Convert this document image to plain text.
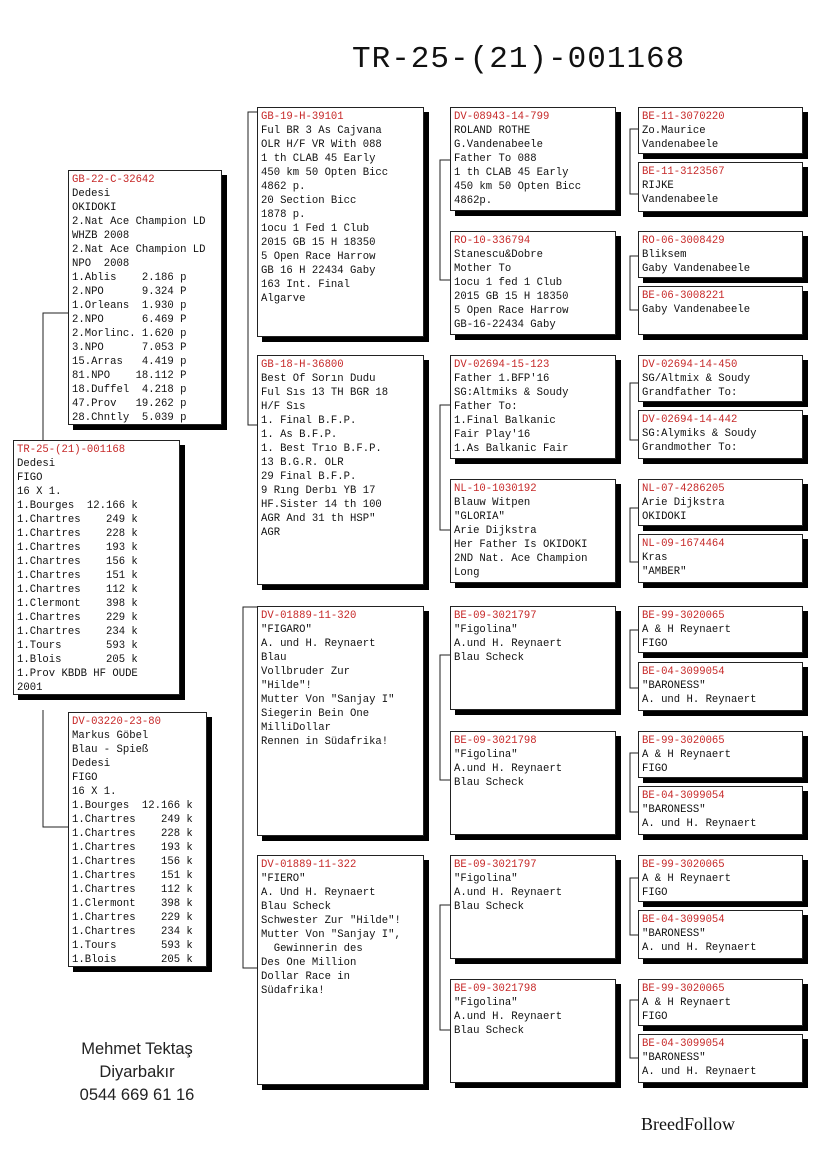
TR-25-(21)-001168
TR-25-(21)-001168
Dedesi
FIGO
16 X 1.
1.Bourges  12.166 k
1.Chartres    249 k
1.Chartres    228 k
1.Chartres    193 k
1.Chartres    156 k
1.Chartres    151 k
1.Chartres    112 k
1.Clermont    398 k
1.Chartres    229 k
1.Chartres    234 k
1.Tours       593 k
1.Blois       205 k
1.Prov KBDB HF OUDE
2001
GB-22-C-32642
Dedesi
OKIDOKI
2.Nat Ace Champion LD
WHZB 2008
2.Nat Ace Champion LD
NPO  2008
1.Ablis    2.186 p
2.NPO      9.324 P
1.Orleans  1.930 p
2.NPO      6.469 P
2.Morlinc. 1.620 p
3.NPO      7.053 P
15.Arras   4.419 p
81.NPO    18.112 P
18.Duffel  4.218 p
47.Prov   19.262 p
28.Chntly  5.039 p
DV-03220-23-80
Markus Göbel
Blau - Spieß
Dedesi
FIGO
16 X 1.
1.Bourges  12.166 k
1.Chartres    249 k
1.Chartres    228 k
1.Chartres    193 k
1.Chartres    156 k
1.Chartres    151 k
1.Chartres    112 k
1.Clermont    398 k
1.Chartres    229 k
1.Chartres    234 k
1.Tours       593 k
1.Blois       205 k
GB-19-H-39101
Ful BR 3 As Cajvana
OLR H/F VR With 088
1 th CLAB 45 Early
450 km 50 Opten Bicc
4862 p.
20 Section Bicc
1878 p.
1ocu 1 Fed 1 Club
2015 GB 15 H 18350
5 Open Race Harrow
GB 16 H 22434 Gaby
163 Int. Final
Algarve
GB-18-H-36800
Best Of Sorın Dudu
Ful Sıs 13 TH BGR 18
H/F Sıs
1. Final B.F.P.
1. As B.F.P.
1. Best Trıo B.F.P.
13 B.G.R. OLR
29 Final B.F.P.
9 Rıng Derbı YB 17
HF.Sister 14 th 100
AGR And 31 th HSP"
AGR
DV-01889-11-320
"FIGARO"
A. und H. Reynaert
Blau
Vollbruder Zur
"Hilde"!
Mutter Von "Sanjay I"
Siegerin Bein One
MilliDollar
Rennen in Südafrika!
DV-01889-11-322
"FIERO"
A. Und H. Reynaert
Blau Scheck
Schwester Zur "Hilde"!
Mutter Von "Sanjay I",
Gewinnerin des
Des One Million
Dollar Race in
Südafrika!
DV-08943-14-799
ROLAND ROTHE
G.Vandenabeele
Father To 088
1 th CLAB 45 Early
450 km 50 Opten Bicc
4862p.
RO-10-336794
Stanescu&Dobre
Mother To
1ocu 1 fed 1 Club
2015 GB 15 H 18350
5 Open Race Harrow
GB-16-22434 Gaby
DV-02694-15-123
Father 1.BFP'16
SG:Altmiks & Soudy
Father To:
1.Final Balkanic
Fair Play'16
1.As Balkanic Fair
NL-10-1030192
Blauw Witpen
"GLORIA"
Arie Dijkstra
Her Father Is OKIDOKI
2ND Nat. Ace Champion
Long
BE-09-3021797
"Figolina"
A.und H. Reynaert
Blau Scheck
BE-09-3021798
"Figolina"
A.und H. Reynaert
Blau Scheck
BE-09-3021797
"Figolina"
A.und H. Reynaert
Blau Scheck
BE-09-3021798
"Figolina"
A.und H. Reynaert
Blau Scheck
BE-11-3070220
Zo.Maurice
Vandenabeele
BE-11-3123567
RIJKE
Vandenabeele
RO-06-3008429
Bliksem
Gaby Vandenabeele
BE-06-3008221
Gaby Vandenabeele
DV-02694-14-450
SG/Altmix & Soudy
Grandfather To:
DV-02694-14-442
SG:Alymiks & Soudy
Grandmother To:
NL-07-4286205
Arie Dijkstra
OKIDOKI
NL-09-1674464
Kras
"AMBER"
BE-99-3020065
A & H Reynaert
FIGO
BE-04-3099054
"BARONESS"
A. und H. Reynaert
BE-99-3020065
A & H Reynaert
FIGO
BE-04-3099054
"BARONESS"
A. und H. Reynaert
BE-99-3020065
A & H Reynaert
FIGO
BE-04-3099054
"BARONESS"
A. und H. Reynaert
BE-99-3020065
A & H Reynaert
FIGO
BE-04-3099054
"BARONESS"
A. und H. Reynaert
Mehmet Tektaş
Diyarbakır
0544 669 61 16
BreedFollow
